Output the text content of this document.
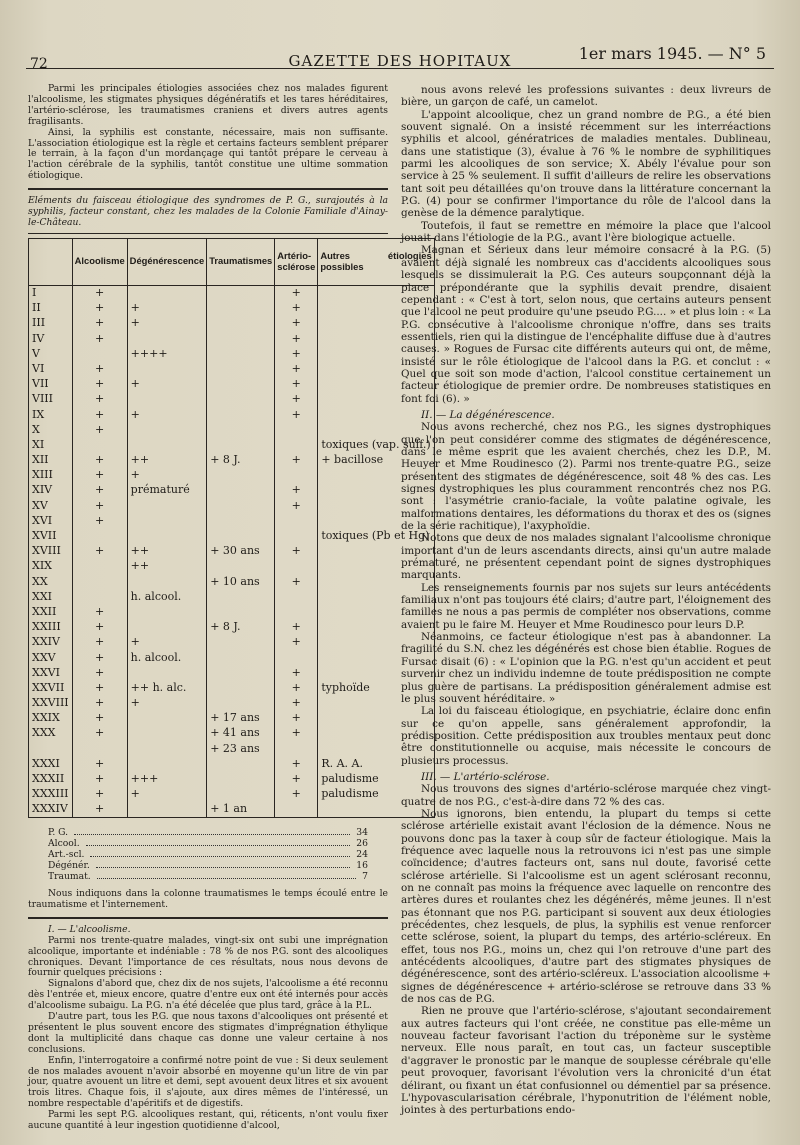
72	GAZETTE DES HOPITAUX	1er mars 1945. — N° 5

Parmi les principales étiologies associées chez nos malades figurent l'alcoolisme, les stigmates physiques dégénératifs et les tares héréditaires, l'artério-sclérose, les traumatismes craniens et divers autres agents fragilisants.

Ainsi, la syphilis est constante, nécessaire, mais non suffisante. L'association étiologique est la règle et certains facteurs semblent préparer le terrain, à la façon d'un mordançage qui tantôt prépare le cerveau à l'action cérébrale de la syphilis, tantôt constitue une ultime sommation étiologique.

Eléments du faisceau étiologique des syndromes de P. G., surajoutés à la syphilis, facteur constant, chez les malades de la Colonie Familiale d'Ainay-le-Château.

	Alcoolisme	Dégénérescence	Traumatismes	Artério-sclérose	Autres étiologies possibles
I	+			+	
II	+	+		+	
III	+	+		+	
IV	+			+	
V		++++		+	
VI	+			+	
VII	+	+		+	
VIII	+			+	
IX	+	+		+	
X	+				
XI					toxiques (vap. sulf.)
XII	+	++	+ 8 J.	+	+ bacillose
XIII	+	+			
XIV	+	prématuré		+	
XV	+			+	
XVI	+				
XVII					toxiques (Pb et Hg)
XVIII	+	++	+ 30 ans	+	
XIX		++			
XX			+ 10 ans	+	
XXI		h. alcool.			
XXII	+				
XXIII	+		+ 8 J.	+	
XXIV	+	+		+	
XXV	+	h. alcool.			
XXVI	+			+	
XXVII	+	++ h. alc.		+	typhoïde
XXVIII	+	+		+	
XXIX	+		+ 17 ans	+	
XXX	+		+ 41 ans	+	
			+ 23 ans		
XXXI	+			+	R. A. A.
XXXII	+	+++		+	paludisme
XXXIII	+	+		+	paludisme
XXXIV	+		+ 1 an		
P. G.	34
Alcool.	26
Art.-scl.	24
Dégénér.	16
Traumat.	7

Nous indiquons dans la colonne traumatismes le temps écoulé entre le traumatisme et l'internement.

I. — L'alcoolisme.

Parmi nos trente-quatre malades, vingt-six ont subi une imprégnation alcoolique, importante et indéniable : 78 % de nos P.G. sont des alcooliques chroniques. Devant l'importance de ces résultats, nous nous devons de fournir quelques précisions :

Signalons d'abord que, chez dix de nos sujets, l'alcoolisme a été reconnu dès l'entrée et, mieux encore, quatre d'entre eux ont été internés pour accès d'alcoolisme subaigu. La P.G. n'a été décelée que plus tard, grâce à la P.L.

D'autre part, tous les P.G. que nous taxons d'alcooliques ont présenté et présentent le plus souvent encore des stigmates d'imprégnation éthylique dont la multiplicité dans chaque cas donne une valeur certaine à nos conclusions.

Enfin, l'interrogatoire a confirmé notre point de vue : Si deux seulement de nos malades avouent n'avoir absorbé en moyenne qu'un litre de vin par jour, quatre avouent un litre et demi, sept avouent deux litres et six avouent trois litres. Chaque fois, il s'ajoute, aux dires mêmes de l'intéressé, un nombre respectable d'apéritifs et de digestifs.

Parmi les sept P.G. alcooliques restant, qui, réticents, n'ont voulu fixer aucune quantité à leur ingestion quotidienne d'alcool,

nous avons relevé les professions suivantes : deux livreurs de bière, un garçon de café, un camelot.

L'appoint alcoolique, chez un grand nombre de P.G., a été bien souvent signalé. On a insisté récemment sur les interréactions syphilis et alcool, génératrices de maladies mentales. Dublineau, dans une statistique (3), évalue à 76 % le nombre de syphilitiques parmi les alcooliques de son service; X. Abély l'évalue pour son service à 25 % seulement. Il suffit d'ailleurs de relire les observations tant soit peu détaillées qu'on trouve dans la littérature concernant la P.G. (4) pour se confirmer l'importance du rôle de l'alcool dans la genèse de la démence paralytique.

Toutefois, il faut se remettre en mémoire la place que l'alcool jouait dans l'étiologie de la P.G., avant l'ère biologique actuelle.

Magnan et Sérieux dans leur mémoire consacré à la P.G. (5) avaient déjà signalé les nombreux cas d'accidents alcooliques sous lesquels se dissimulerait la P.G. Ces auteurs soupçonnant déjà la place prépondérante que la syphilis devait prendre, disaient cependant : « C'est à tort, selon nous, que certains auteurs pensent que l'alcool ne peut produire qu'une pseudo P.G.... » et plus loin : « La P.G. consécutive à l'alcoolisme chronique n'offre, dans ses traits essentiels, rien qui la distingue de l'encéphalite diffuse due à d'autres causes. » Rogues de Fursac cite différents auteurs qui ont, de même, insisté sur le rôle étiologique de l'alcool dans la P.G. et conclut : « Quel que soit son mode d'action, l'alcool constitue certainement un facteur étiologique de premier ordre. De nombreuses statistiques en font foi (6). »

II. — La dégénérescence.

Nous avons recherché, chez nos P.G., les signes dystrophiques que l'on peut considérer comme des stigmates de dégénérescence, dans le même esprit que les avaient cherchés, chez les D.P., M. Heuyer et Mme Roudinesco (2). Parmi nos trente-quatre P.G., seize présentent des stigmates de dégénérescence, soit 48 % des cas. Les signes dystrophiques les plus couramment rencontrés chez nos P.G. sont : l'asymétrie cranio-faciale, la voûte palatine ogivale, les malformations dentaires, les déformations du thorax et des os (signes de la série rachitique), l'axyphoïdie.

Notons que deux de nos malades signalant l'alcoolisme chronique important d'un de leurs ascendants directs, ainsi qu'un autre malade prématuré, ne présentent cependant point de signes dystrophiques marquants.

Les renseignements fournis par nos sujets sur leurs antécédents familiaux n'ont pas toujours été clairs; d'autre part, l'éloignement des familles ne nous a pas permis de compléter nos observations, comme avaient pu le faire M. Heuyer et Mme Roudinesco pour leurs D.P.

Néanmoins, ce facteur étiologique n'est pas à abandonner. La fragilité du S.N. chez les dégénérés est chose bien établie. Rogues de Fursac disait (6) : « L'opinion que la P.G. n'est qu'un accident et peut survenir chez un individu indemne de toute prédisposition ne compte plus guère de partisans. La prédisposition généralement admise est le plus souvent héréditaire. »

La loi du faisceau étiologique, en psychiatrie, éclaire donc enfin sur ce qu'on appelle, sans généralement approfondir, la prédisposition. Cette prédisposition aux troubles mentaux peut donc être constitutionnelle ou acquise, mais nécessite le concours de plusieurs processus.

III. — L'artério-sclérose.

Nous trouvons des signes d'artério-sclérose marquée chez vingt-quatre de nos P.G., c'est-à-dire dans 72 % des cas.

Nous ignorons, bien entendu, la plupart du temps si cette sclérose artérielle existait avant l'éclosion de la démence. Nous ne pouvons donc pas la taxer à coup sûr de facteur étiologique. Mais la fréquence avec laquelle nous la retrouvons ici n'est pas une simple coïncidence; d'autres facteurs ont, sans nul doute, favorisé cette sclérose artérielle. Si l'alcoolisme est un agent sclérosant reconnu, on ne connaît pas moins la fréquence avec laquelle on rencontre des artères dures et roulantes chez les dégénérés, même jeunes. Il n'est pas étonnant que nos P.G. participant si souvent aux deux étiologies précédentes, chez lesquels, de plus, la syphilis est venue renforcer cette sclérose, soient, la plupart du temps, des artério-scléreux. En effet, tous nos P.G., moins un, chez qui l'on retrouve d'une part des antécédents alcooliques, d'autre part des stigmates physiques de dégénérescence, sont des artério-scléreux. L'association alcoolisme + signes de dégénérescence + artério-sclérose se retrouve dans 33 % de nos cas de P.G.

Rien ne prouve que l'artério-sclérose, s'ajoutant secondairement aux autres facteurs qui l'ont créée, ne constitue pas elle-même un nouveau facteur favorisant l'action du tréponème sur le système nerveux. Elle nous paraît, en tout cas, un facteur susceptible d'aggraver le pronostic par le manque de souplesse cérébrale qu'elle peut provoquer, favorisant l'évolution vers la chronicité d'un état délirant, ou fixant un état confusionnel ou démentiel par sa présence. L'hypovascularisation cérébrale, l'hyponutrition de l'élément noble, jointes à des perturbations endo-
